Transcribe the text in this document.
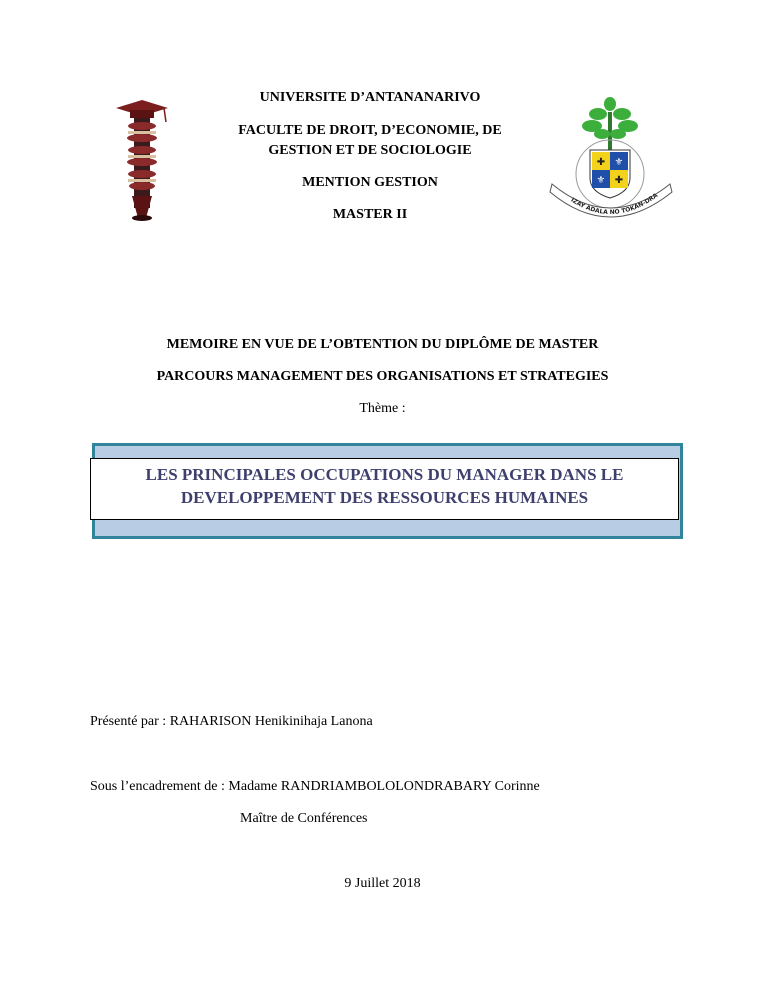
✚ ⚜
⚜ ✚
IZAY ADALA NO TOKAN-DRA
UNIVERSITE D’ANTANANARIVO
FACULTE DE DROIT, D’ECONOMIE, DE
GESTION ET DE SOCIOLOGIE
MENTION GESTION
MASTER II
MEMOIRE EN VUE DE L’OBTENTION DU DIPLÔME DE MASTER
PARCOURS MANAGEMENT DES ORGANISATIONS ET STRATEGIES
Thème :
LES PRINCIPALES OCCUPATIONS DU MANAGER DANS LE
DEVELOPPEMENT DES RESSOURCES HUMAINES
Présenté par : RAHARISON Henikinihaja Lanona
Sous l’encadrement de : Madame RANDRIAMBOLOLONDRABARY Corinne
Maître de Conférences
9 Juillet 2018
